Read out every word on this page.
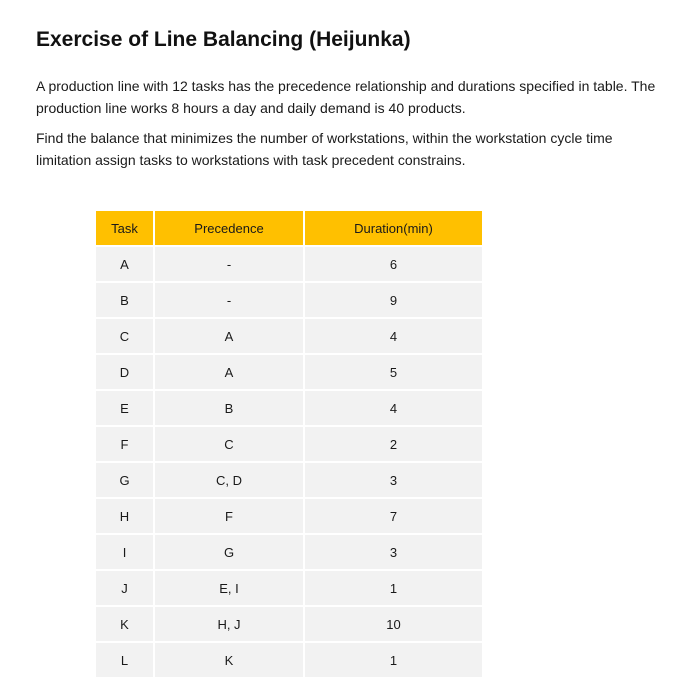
Exercise of Line Balancing (Heijunka)

A production line with 12 tasks has the precedence relationship and durations specified in table. The production line works 8 hours a day and daily demand is 40 products.

Find the balance that minimizes the number of workstations, within the workstation cycle time limitation assign tasks to workstations with task precedent constrains.

Task	Precedence	Duration(min)
A	-	6
B	-	9
C	A	4
D	A	5
E	B	4
F	C	2
G	C, D	3
H	F	7
I	G	3
J	E, I	1
K	H, J	10
L	K	1
